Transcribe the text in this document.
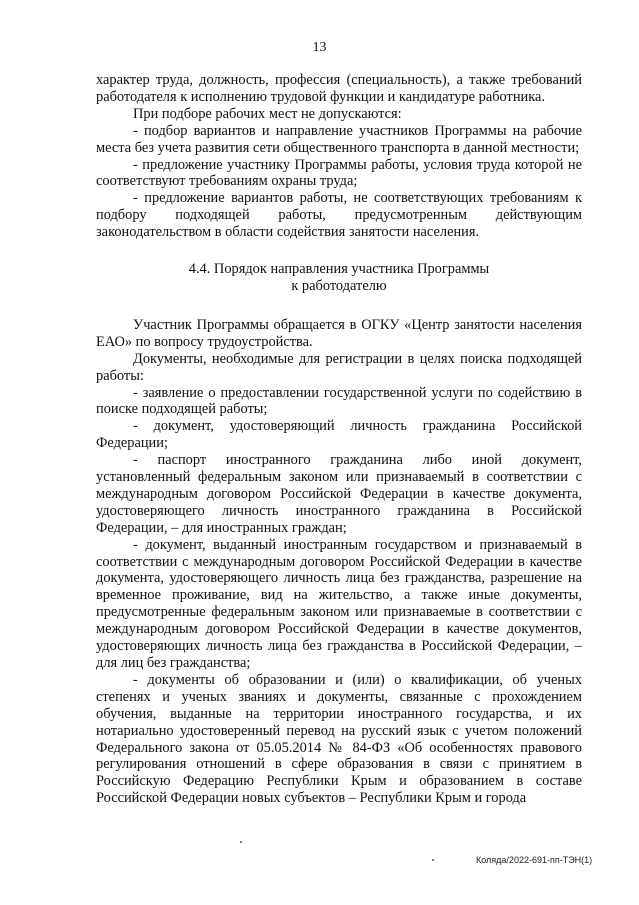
13

характер труда, должность, профессия (специальность), а также требований работодателя к исполнению трудовой функции и кандидатуре работника.

При подборе рабочих мест не допускаются:

- подбор вариантов и направление участников Программы на рабочие места без учета развития сети общественного транспорта в данной местности;

- предложение участнику Программы работы, условия труда которой не соответствуют требованиям охраны труда;

- предложение вариантов работы, не соответствующих требованиям к подбору подходящей работы, предусмотренным действующим законодательством в области содействия занятости населения.

4.4. Порядок направления участника Программы
к работодателю

Участник Программы обращается в ОГКУ «Центр занятости населения ЕАО» по вопросу трудоустройства.

Документы, необходимые для регистрации в целях поиска подходящей работы:

- заявление о предоставлении государственной услуги по содействию в поиске подходящей работы;

- документ, удостоверяющий личность гражданина Российской Федерации;

- паспорт иностранного гражданина либо иной документ, установленный федеральным законом или признаваемый в соответствии с международным договором Российской Федерации в качестве документа, удостоверяющего личность иностранного гражданина в Российской Федерации, – для иностранных граждан;

- документ, выданный иностранным государством и признаваемый в соответствии с международным договором Российской Федерации в качестве документа, удостоверяющего личность лица без гражданства, разрешение на временное проживание, вид на жительство, а также иные документы, предусмотренные федеральным законом или признаваемые в соответствии с международным договором Российской Федерации в качестве документов, удостоверяющих личность лица без гражданства в Российской Федерации, – для лиц без гражданства;

- документы об образовании и (или) о квалификации, об ученых степенях и ученых званиях и документы, связанные с прохождением обучения, выданные на территории иностранного государства, и их нотариально удостоверенный перевод на русский язык с учетом положений Федерального закона от 05.05.2014 № 84-ФЗ «Об особенностях правового регулирования отношений в сфере образования в связи с принятием в Российскую Федерацию Республики Крым и образованием в составе Российской Федерации новых субъектов – Республики Крым и города

Коляда/2022-691-пп-ТЭН(1)
